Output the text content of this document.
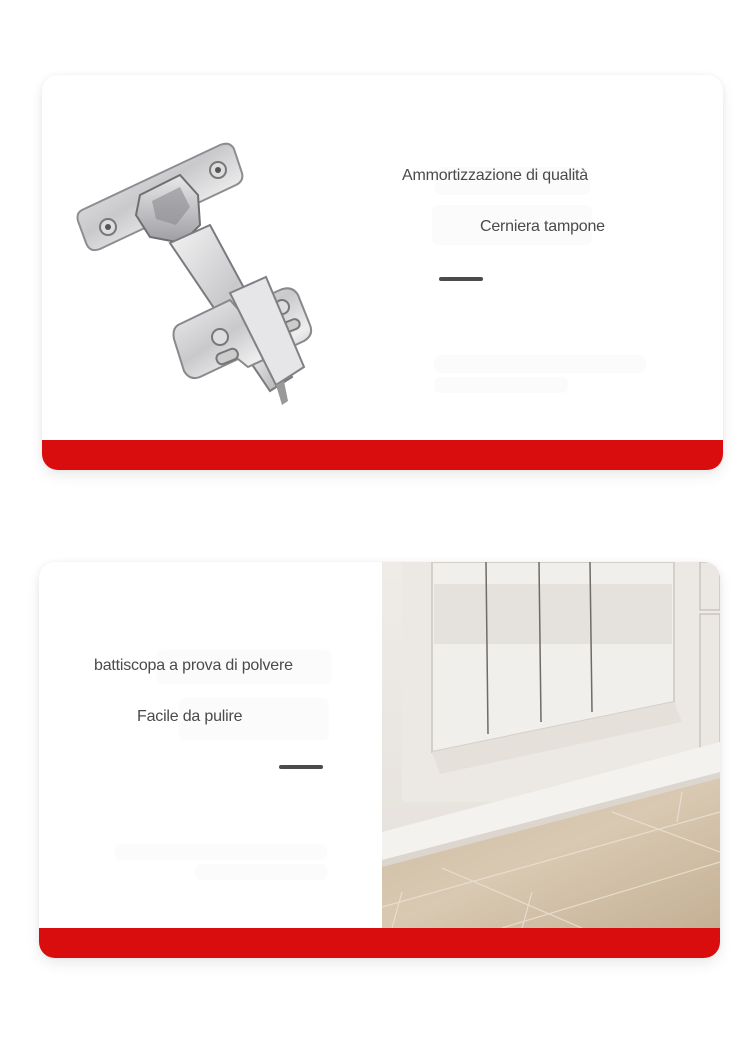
Ammortizzazione di qualità
Cerniera tampone
battiscopa a prova di polvere
Facile da pulire
